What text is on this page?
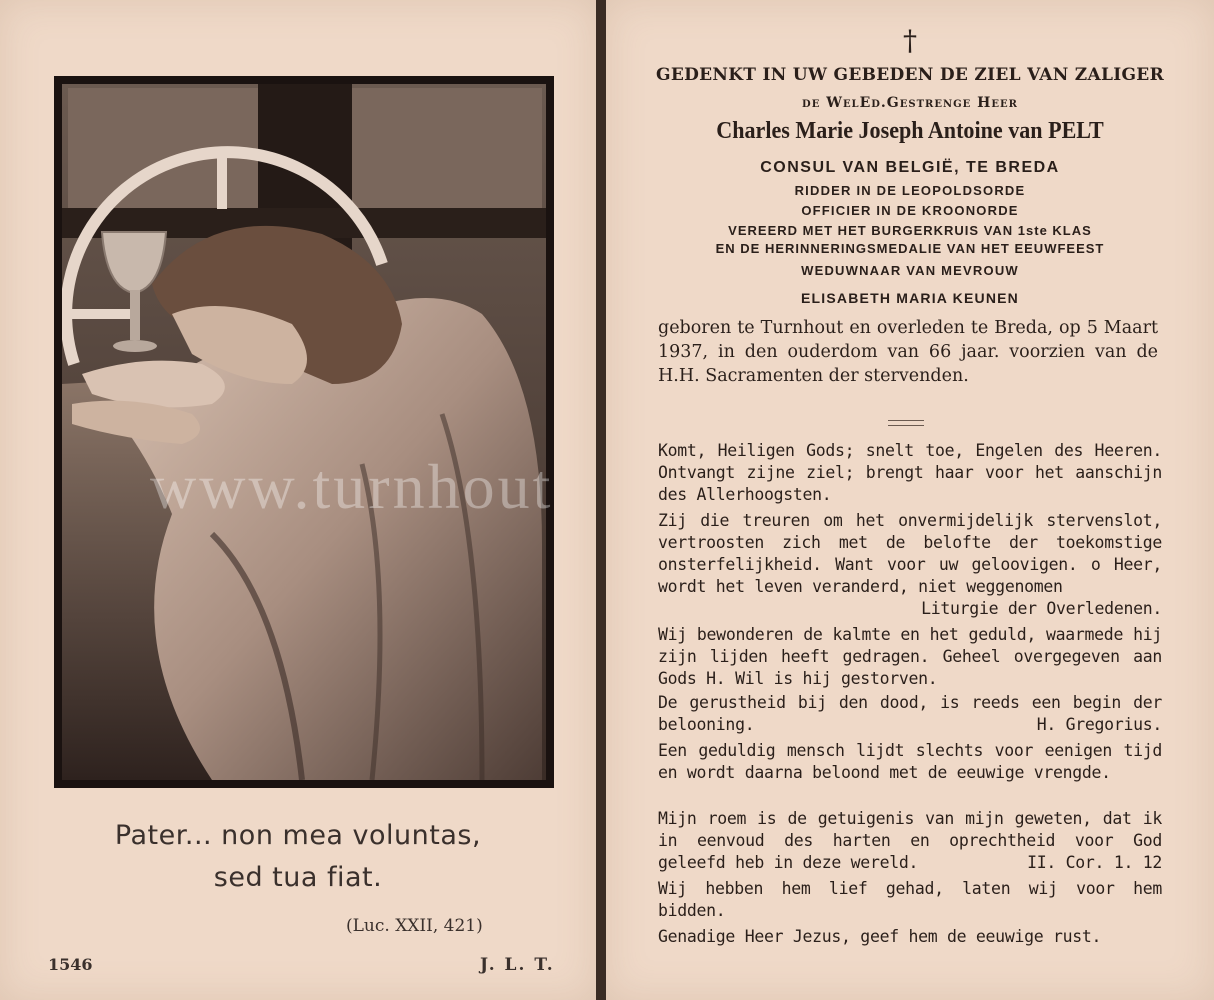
Pater... non mea voluntas,
sed tua fiat.
(Luc. XXII, 421)
1546	J. L. T.
†
GEDENKT IN UW GEBEDEN DE ZIEL VAN ZALIGER
de WelEd.Gestrenge Heer
Charles Marie Joseph Antoine van PELT
CONSUL VAN BELGIË, TE BREDA
RIDDER IN DE LEOPOLDSORDE
OFFICIER IN DE KROONORDE
VEREERD MET HET BURGERKRUIS VAN 1ste KLAS
EN DE HERINNERINGSMEDALIE VAN HET EEUWFEEST
WEDUWNAAR VAN MEVROUW
ELISABETH MARIA KEUNEN
geboren te Turnhout en overleden te Breda, op 5 Maart 1937, in den ouderdom van 66 jaar. voorzien van de H.H. Sacramenten der stervenden.
Komt, Heiligen Gods; snelt toe, Engelen des Heeren. Ontvangt zijne ziel; brengt haar voor het aanschijn des Allerhoogsten.
Zij die treuren om het onvermijdelijk stervenslot, vertroosten zich met de belofte der toekomstige onsterfelijkheid. Want voor uw geloovigen. o Heer, wordt het leven veranderd, niet weggenomen
Liturgie der Overledenen.
Wij bewonderen de kalmte en het geduld, waarmede hij zijn lijden heeft gedragen. Geheel overgegeven aan Gods H. Wil is hij gestorven.
De gerustheid bij den dood, is reeds een begin der belooning.	H. Gregorius.
Een geduldig mensch lijdt slechts voor eenigen tijd en wordt daarna beloond met de eeuwige vrengde.
Mijn roem is de getuigenis van mijn geweten, dat ik in eenvoud des harten en oprechtheid voor God geleefd heb in deze wereld.	II. Cor. 1. 12
Wij hebben hem lief gehad, laten wij voor hem bidden.
Genadige Heer Jezus, geef hem de eeuwige rust.
www.turnhout
